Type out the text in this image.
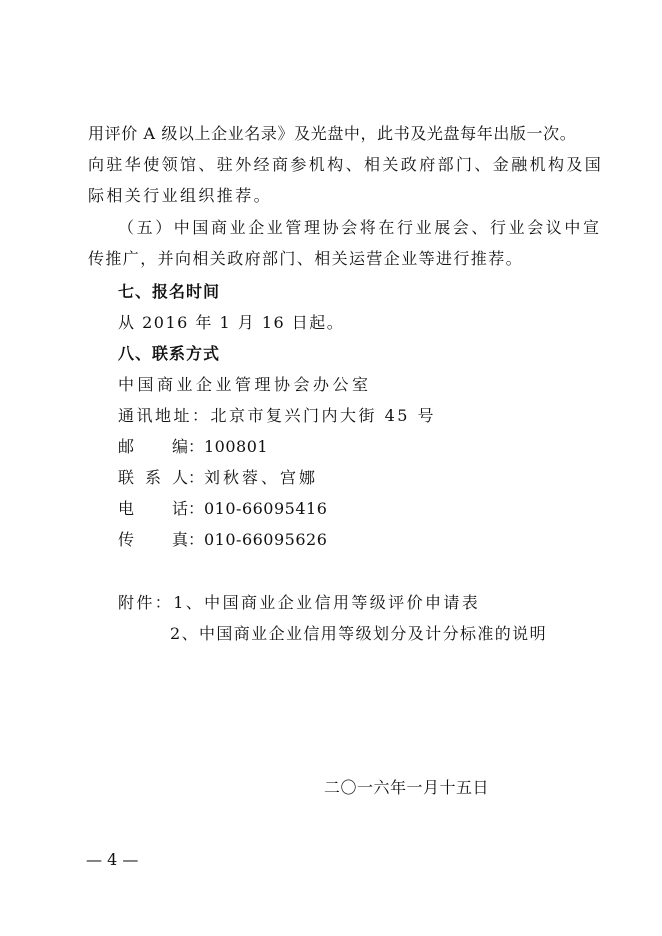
用评价 A 级以上企业名录》及光盘中，此书及光盘每年出版一次。
向驻华使领馆、驻外经商参机构、相关政府部门、金融机构及国
际相关行业组织推荐。
（五）中国商业企业管理协会将在行业展会、行业会议中宣
传推广，并向相关政府部门、相关运营企业等进行推荐。
七、报名时间
从 2016 年 1 月 16 日起。
八、联系方式
中国商业企业管理协会办公室
通讯地址：北京市复兴门内大街 45 号
邮 编：100801
联 系 人：刘秋蓉、宫娜
电 话：010-66095416
传 真：010-66095626
附件：1、中国商业企业信用等级评价申请表
2、中国商业企业信用等级划分及计分标准的说明
二〇一六年一月十五日
— 4 —
